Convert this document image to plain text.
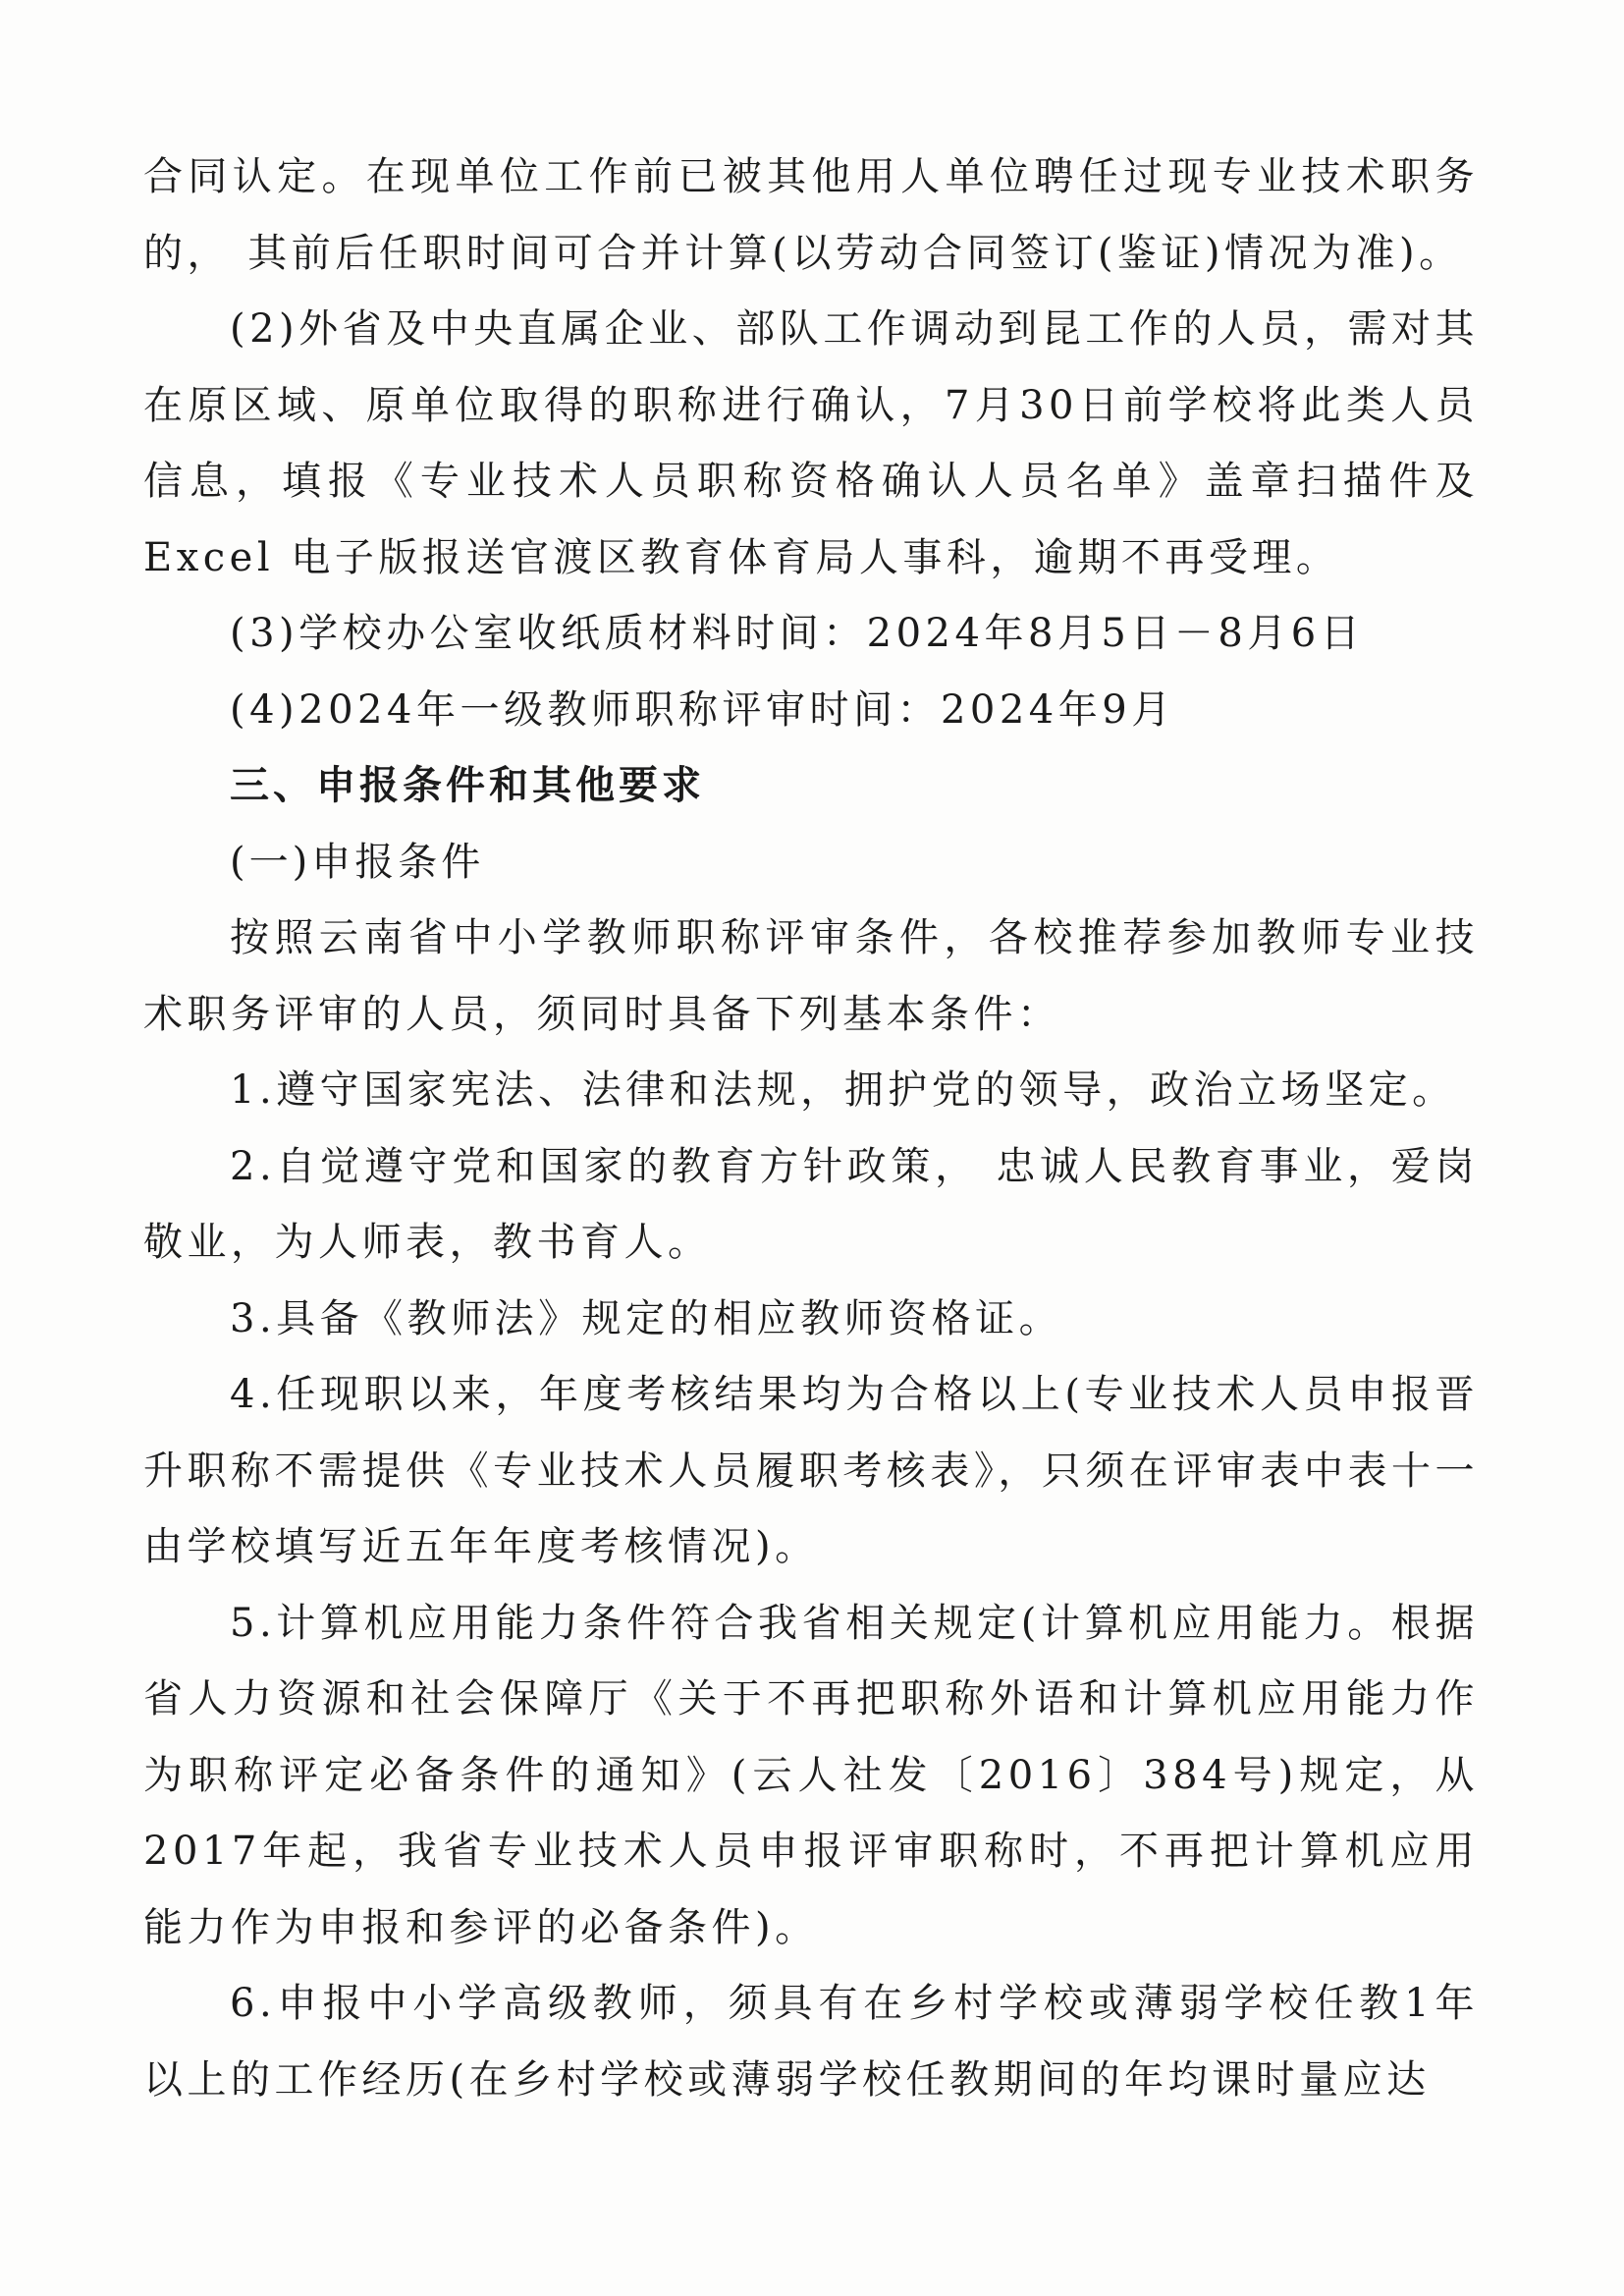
合同认定。在现单位工作前已被其他用人单位聘任过现专业技术职务的， 其前后任职时间可合并计算(以劳动合同签订(鉴证)情况为准)。

(2)外省及中央直属企业、部队工作调动到昆工作的人员，需对其在原区域、原单位取得的职称进行确认，7月30日前学校将此类人员信息，填报《专业技术人员职称资格确认人员名单》盖章扫描件及Excel 电子版报送官渡区教育体育局人事科，逾期不再受理。

(3)学校办公室收纸质材料时间：2024年8月5日－8月6日

(4)2024年一级教师职称评审时间：2024年9月

三、申报条件和其他要求

(一)申报条件

按照云南省中小学教师职称评审条件，各校推荐参加教师专业技术职务评审的人员，须同时具备下列基本条件：

1.遵守国家宪法、法律和法规，拥护党的领导，政治立场坚定。

2.自觉遵守党和国家的教育方针政策， 忠诚人民教育事业，爱岗敬业，为人师表，教书育人。

3.具备《教师法》规定的相应教师资格证。

4.任现职以来，年度考核结果均为合格以上(专业技术人员申报晋升职称不需提供《专业技术人员履职考核表》，只须在评审表中表十一由学校填写近五年年度考核情况)。

5.计算机应用能力条件符合我省相关规定(计算机应用能力。根据省人力资源和社会保障厅《关于不再把职称外语和计算机应用能力作为职称评定必备条件的通知》(云人社发〔2016〕384号)规定，从2017年起，我省专业技术人员申报评审职称时，不再把计算机应用能力作为申报和参评的必备条件)。

6.申报中小学高级教师，须具有在乡村学校或薄弱学校任教1年以上的工作经历(在乡村学校或薄弱学校任教期间的年均课时量应达
